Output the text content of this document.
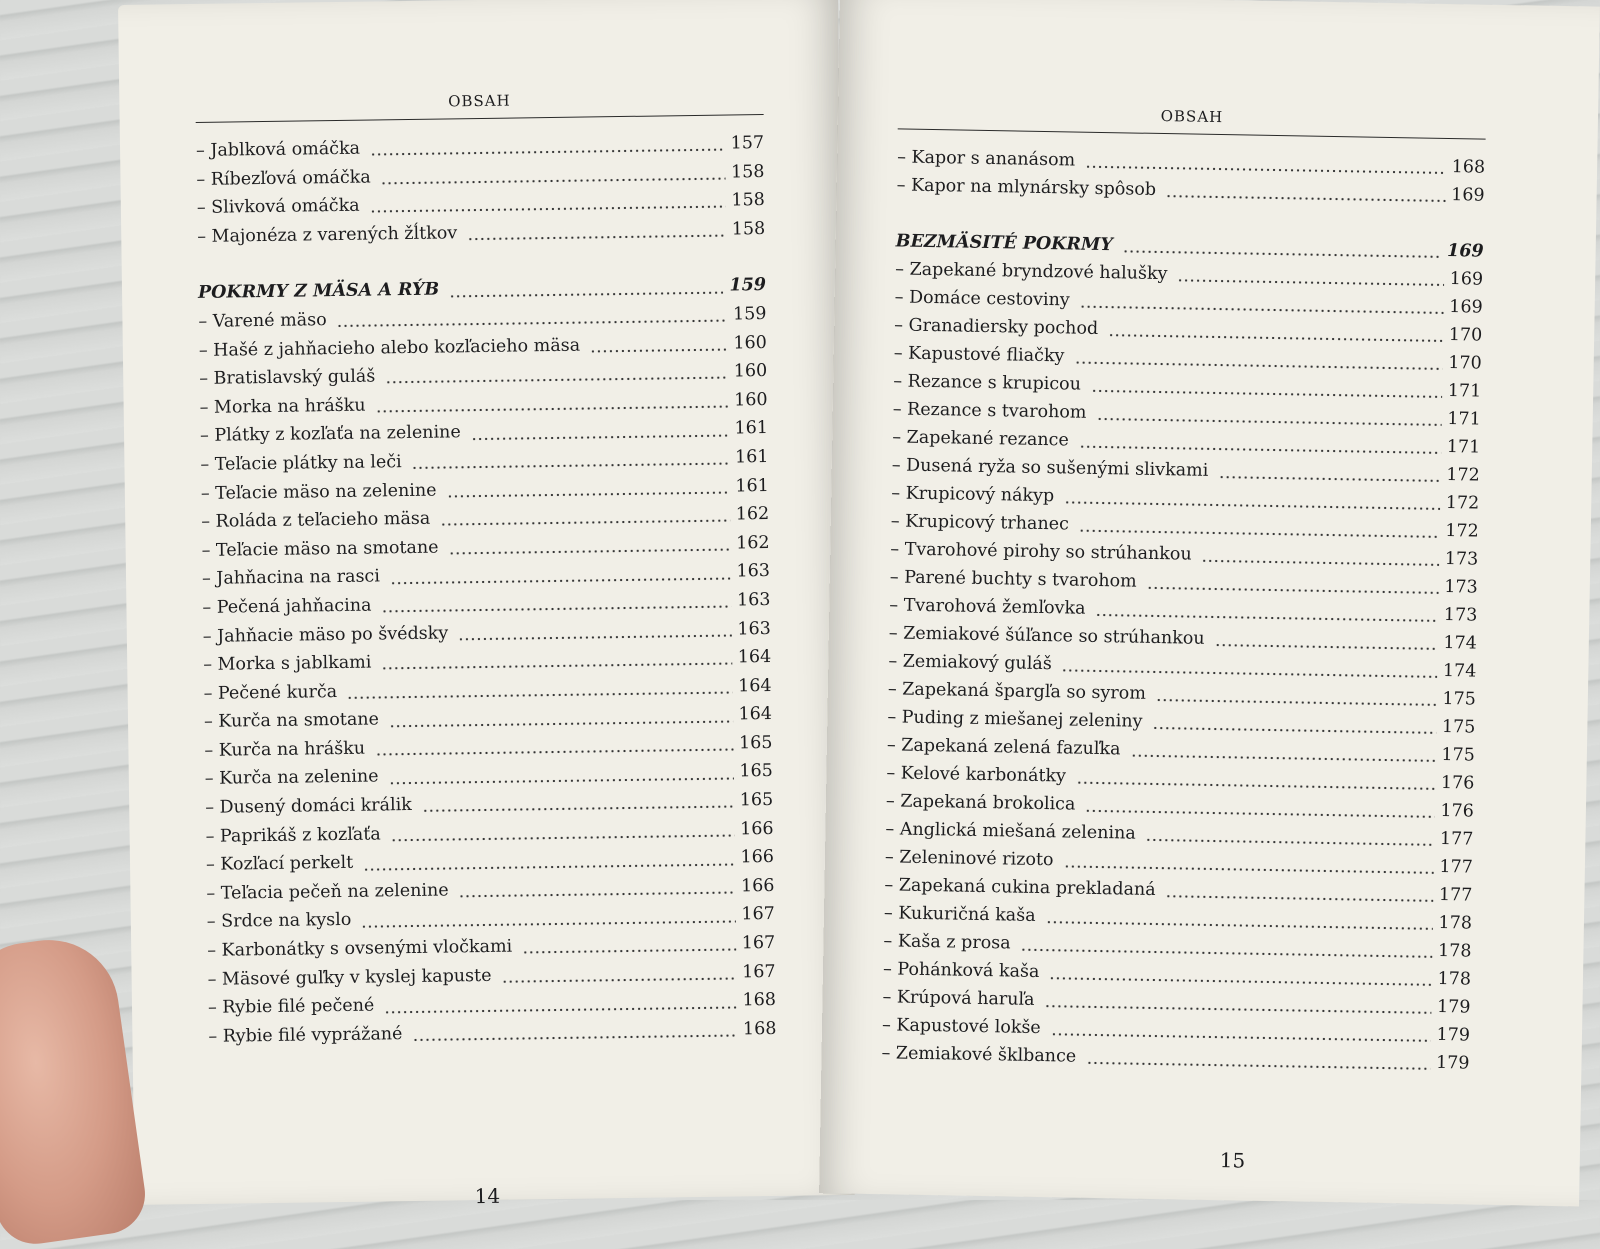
OBSAH
– Jablková omáčka	157
– Ríbezľová omáčka	158
– Slivková omáčka	158
– Majonéza z varených žĺtkov	158
POKRMY Z MÄSA A RÝB	159
– Varené mäso	159
– Hašé z jahňacieho alebo kozľacieho mäsa	160
– Bratislavský guláš	160
– Morka na hrášku	160
– Plátky z kozľaťa na zelenine	161
– Teľacie plátky na leči	161
– Teľacie mäso na zelenine	161
– Roláda z teľacieho mäsa	162
– Teľacie mäso na smotane	162
– Jahňacina na rasci	163
– Pečená jahňacina	163
– Jahňacie mäso po švédsky	163
– Morka s jablkami	164
– Pečené kurča	164
– Kurča na smotane	164
– Kurča na hrášku	165
– Kurča na zelenine	165
– Dusený domáci králik	165
– Paprikáš z kozľaťa	166
– Kozľací perkelt	166
– Teľacia pečeň na zelenine	166
– Srdce na kyslo	167
– Karbonátky s ovsenými vločkami	167
– Mäsové guľky v kyslej kapuste	167
– Rybie filé pečené	168
– Rybie filé vyprážané	168
14
OBSAH
– Kapor s ananásom	168
– Kapor na mlynársky spôsob	169
BEZMÄSITÉ POKRMY	169
– Zapekané bryndzové halušky	169
– Domáce cestoviny	169
– Granadiersky pochod	170
– Kapustové fliačky	170
– Rezance s krupicou	171
– Rezance s tvarohom	171
– Zapekané rezance	171
– Dusená ryža so sušenými slivkami	172
– Krupicový nákyp	172
– Krupicový trhanec	172
– Tvarohové pirohy so strúhankou	173
– Parené buchty s tvarohom	173
– Tvarohová žemľovka	173
– Zemiakové šúľance so strúhankou	174
– Zemiakový guláš	174
– Zapekaná špargľa so syrom	175
– Puding z miešanej zeleniny	175
– Zapekaná zelená fazuľka	175
– Kelové karbonátky	176
– Zapekaná brokolica	176
– Anglická miešaná zelenina	177
– Zeleninové rizoto	177
– Zapekaná cukina prekladaná	177
– Kukuričná kaša	178
– Kaša z prosa	178
– Pohánková kaša	178
– Krúpová haruľa	179
– Kapustové lokše	179
– Zemiakové šklbance	179
15
